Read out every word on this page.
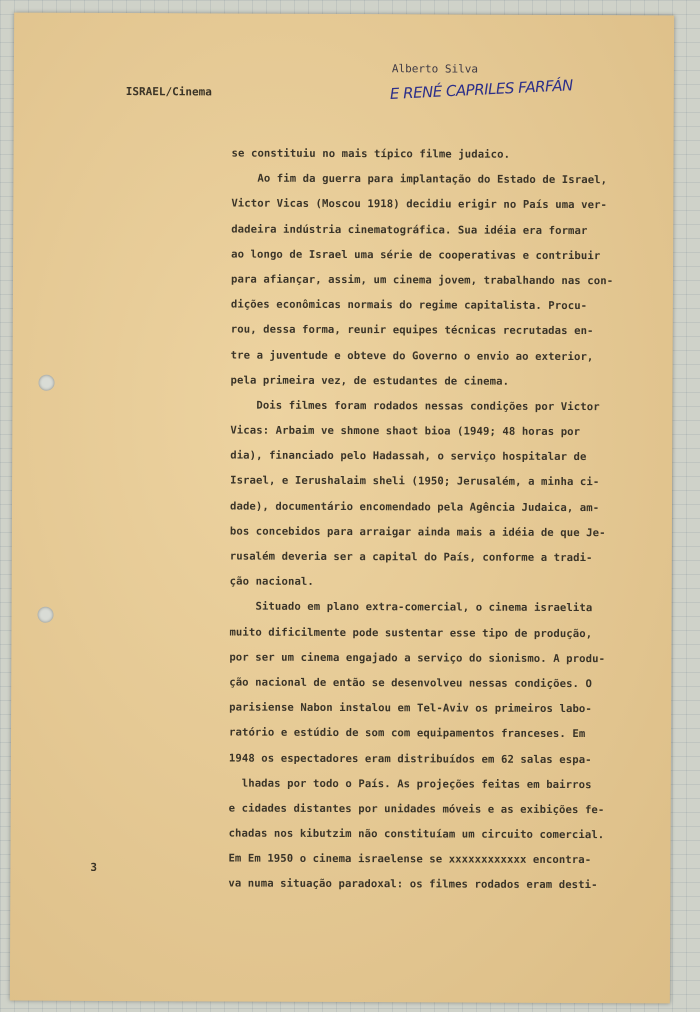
ISRAEL/Cinema
Alberto Silva
E RENÉ CAPRILES FARFÁN
se constituiu no mais típico filme judaico.
Ao fim da guerra para implantação do Estado de Israel,
Victor Vicas (Moscou 1918) decidiu erigir no País uma ver-
dadeira indústria cinematográfica. Sua idéia era formar
ao longo de Israel uma série de cooperativas e contribuir
para afiançar, assim, um cinema jovem, trabalhando nas con-
dições econômicas normais do regime capitalista. Procu-
rou, dessa forma, reunir equipes técnicas recrutadas en-
tre a juventude e obteve do Governo o envio ao exterior,
pela primeira vez, de estudantes de cinema.
Dois filmes foram rodados nessas condições por Victor
Vicas: Arbaim ve shmone shaot bioa (1949; 48 horas por
dia), financiado pelo Hadassah, o serviço hospitalar de
Israel, e Ierushalaim sheli (1950; Jerusalém, a minha ci-
dade), documentário encomendado pela Agência Judaica, am-
bos concebidos para arraigar ainda mais a idéia de que Je-
rusalém deveria ser a capital do País, conforme a tradi-
ção nacional.
Situado em plano extra-comercial, o cinema israelita
muito dificilmente pode sustentar esse tipo de produção,
por ser um cinema engajado a serviço do sionismo. A produ-
ção nacional de então se desenvolveu nessas condições. O
parisiense Nabon instalou em Tel-Aviv os primeiros labo-
ratório e estúdio de som com equipamentos franceses. Em
1948 os espectadores eram distribuídos em 62 salas espa-
lhadas por todo o País. As projeções feitas em bairros
e cidades distantes por unidades móveis e as exibições fe-
chadas nos kibutzim não constituíam um circuito comercial.
Em Em 1950 o cinema israelense se xxxxxxxxxxxx encontra-
va numa situação paradoxal: os filmes rodados eram desti-
3
